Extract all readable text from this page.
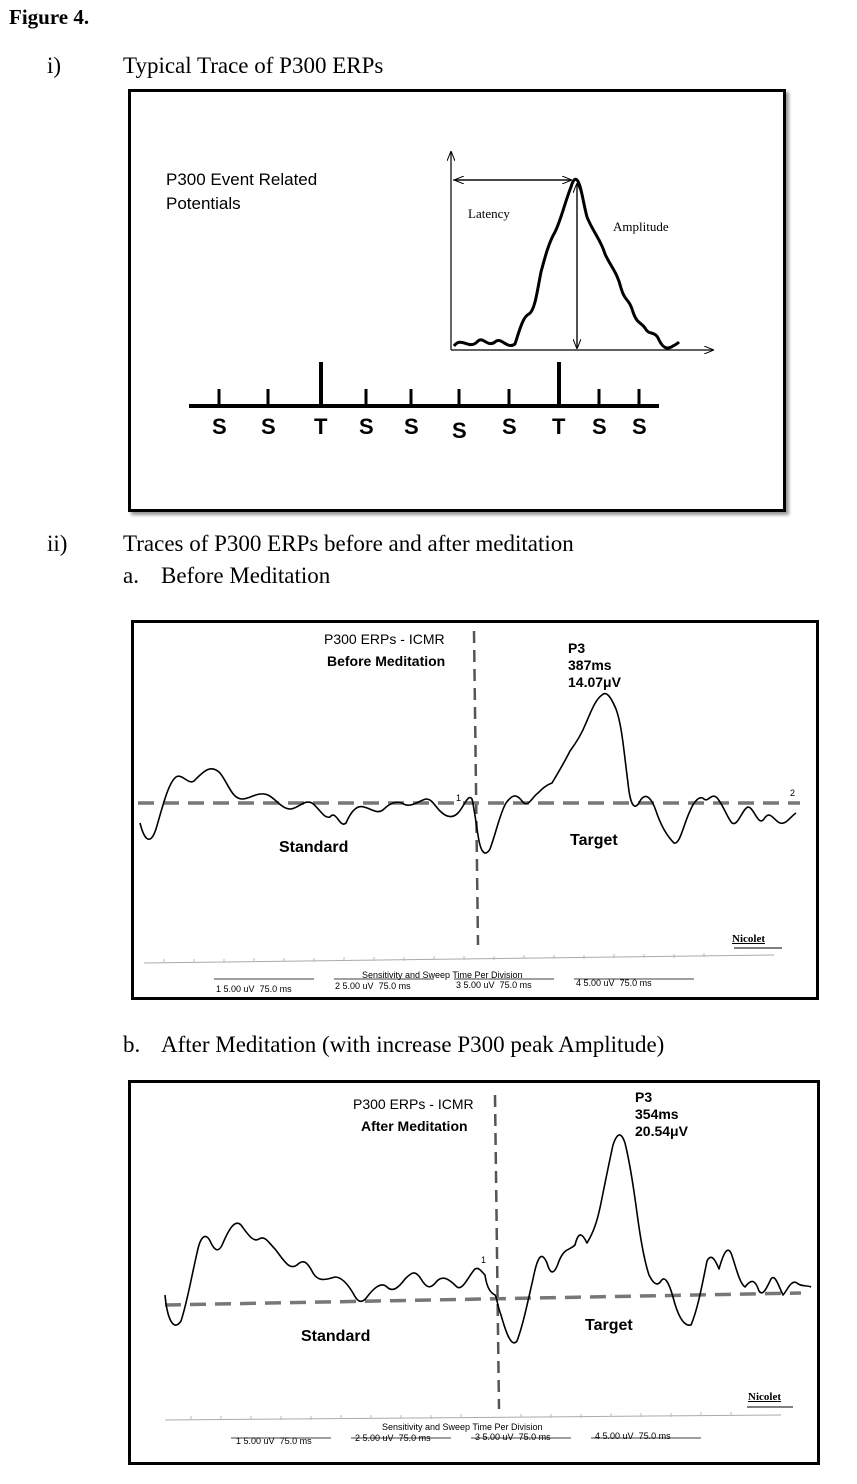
Figure 4.
i)	Typical Trace of P300 ERPs
P300 Event Related
Potentials
Latency
Amplitude
S S T S S S S T S S
ii) Traces of P300 ERPs before and after meditation
a. Before Meditation
P300 ERPs - ICMR
Before Meditation
P3
387ms
14.07μV
Standard	Target
1	2
Nicolet
Sensitivity and Sweep Time Per Division
1 5.00 uV 75.0 ms	2 5.00 uV 75.0 ms	3 5.00 uV 75.0 ms	4 5.00 uV 75.0 ms
b. After Meditation (with increase P300 peak Amplitude)
P300 ERPs - ICMR
After Meditation
P3
354ms
20.54μV
Standard
Target
1
Nicolet
Sensitivity and Sweep Time Per Division
1 5.00 uV 75.0 ms	2 5.00 uV 75.0 ms	3 5.00 uV 75.0 ms	4 5.00 uV 75.0 ms
